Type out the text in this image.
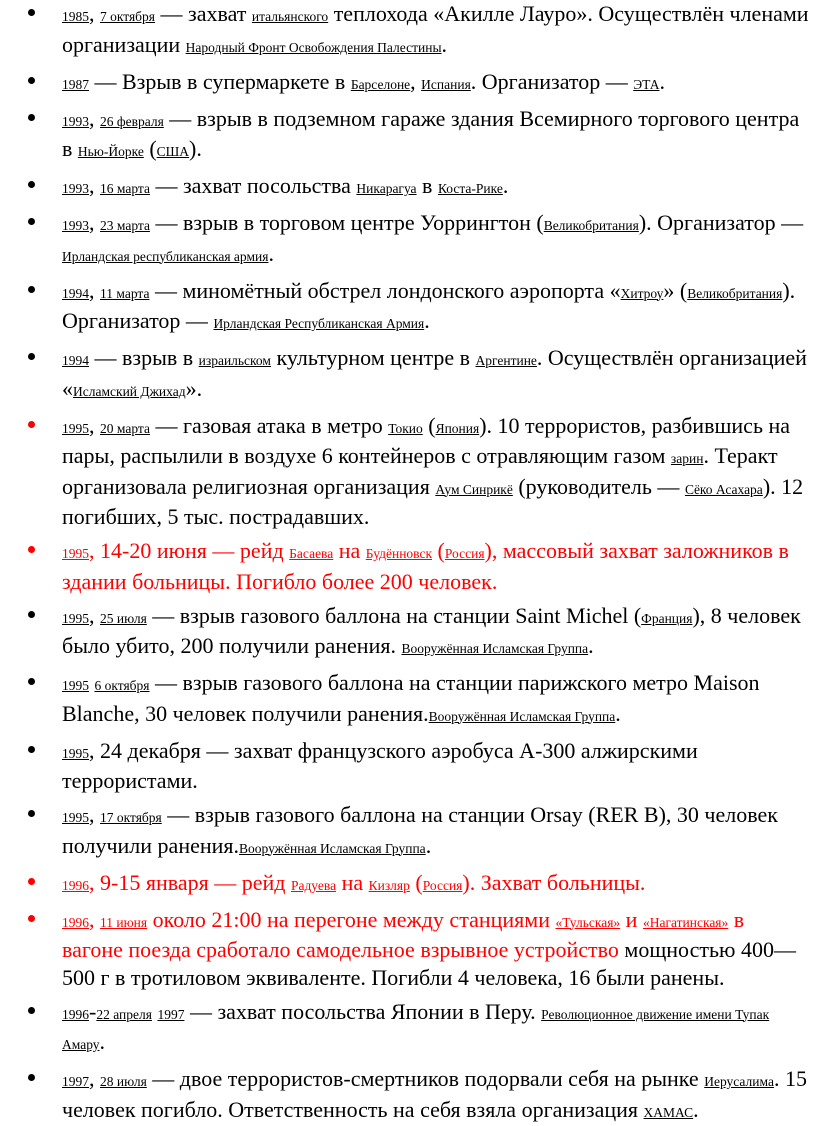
1985, 7 октября — захват итальянского теплохода «Акилле Лауро». Осуществлён членами организации Народный Фронт Освобождения Палестины.
1987 — Взрыв в супермаркете в Барселоне, Испания. Организатор — ЭТА.
1993, 26 февраля — взрыв в подземном гараже здания Всемирного торгового центра в Нью-Йорке (США).
1993, 16 марта — захват посольства Никарагуа в Коста-Рике.
1993, 23 марта — взрыв в торговом центре Уоррингтон (Великобритания). Организатор — Ирландская республиканская армия.
1994, 11 марта — миномётный обстрел лондонского аэропорта «Хитроу» (Великобритания). Организатор — Ирландская Республиканская Армия.
1994 — взрыв в израильском культурном центре в Аргентине. Осуществлён организацией «Исламский Джихад».
1995, 20 марта — газовая атака в метро Токио (Япония). 10 террористов, разбившись на пары, распылили в воздухе 6 контейнеров с отравляющим газом зарин. Теракт организовала религиозная организация Аум Синрикё (руководитель — Сёко Асахара). 12 погибших, 5 тыс. пострадавших.
1995, 14-20 июня — рейд Басаева на Будённовск (Россия), массовый захват заложников в здании больницы. Погибло более 200 человек.
1995, 25 июля — взрыв газового баллона на станции Saint Michel (Франция), 8 человек было убито, 200 получили ранения. Вооружённая Исламская Группа.
1995 6 октября — взрыв газового баллона на станции парижского метро Maison Blanche, 30 человек получили ранения.Вооружённая Исламская Группа.
1995, 24 декабря — захват французского аэробуса А-300 алжирскими террористами.
1995, 17 октября — взрыв газового баллона на станции Orsay (RER B), 30 человек получили ранения.Вооружённая Исламская Группа.
1996, 9-15 января — рейд Радуева на Кизляр (Россия). Захват больницы.
1996, 11 июня около 21:00 на перегоне между станциями «Тульская» и «Нагатинская» в вагоне поезда сработало самодельное взрывное устройство мощностью 400—500 г в тротиловом эквиваленте. Погибли 4 человека, 16 были ранены.
1996-22 апреля 1997 — захват посольства Японии в Перу. Революционное движение имени Тупак Амару.
1997, 28 июля — двое террористов-смертников подорвали себя на рынке Иерусалима. 15 человек погибло. Ответственность на себя взяла организация ХАМАС.
